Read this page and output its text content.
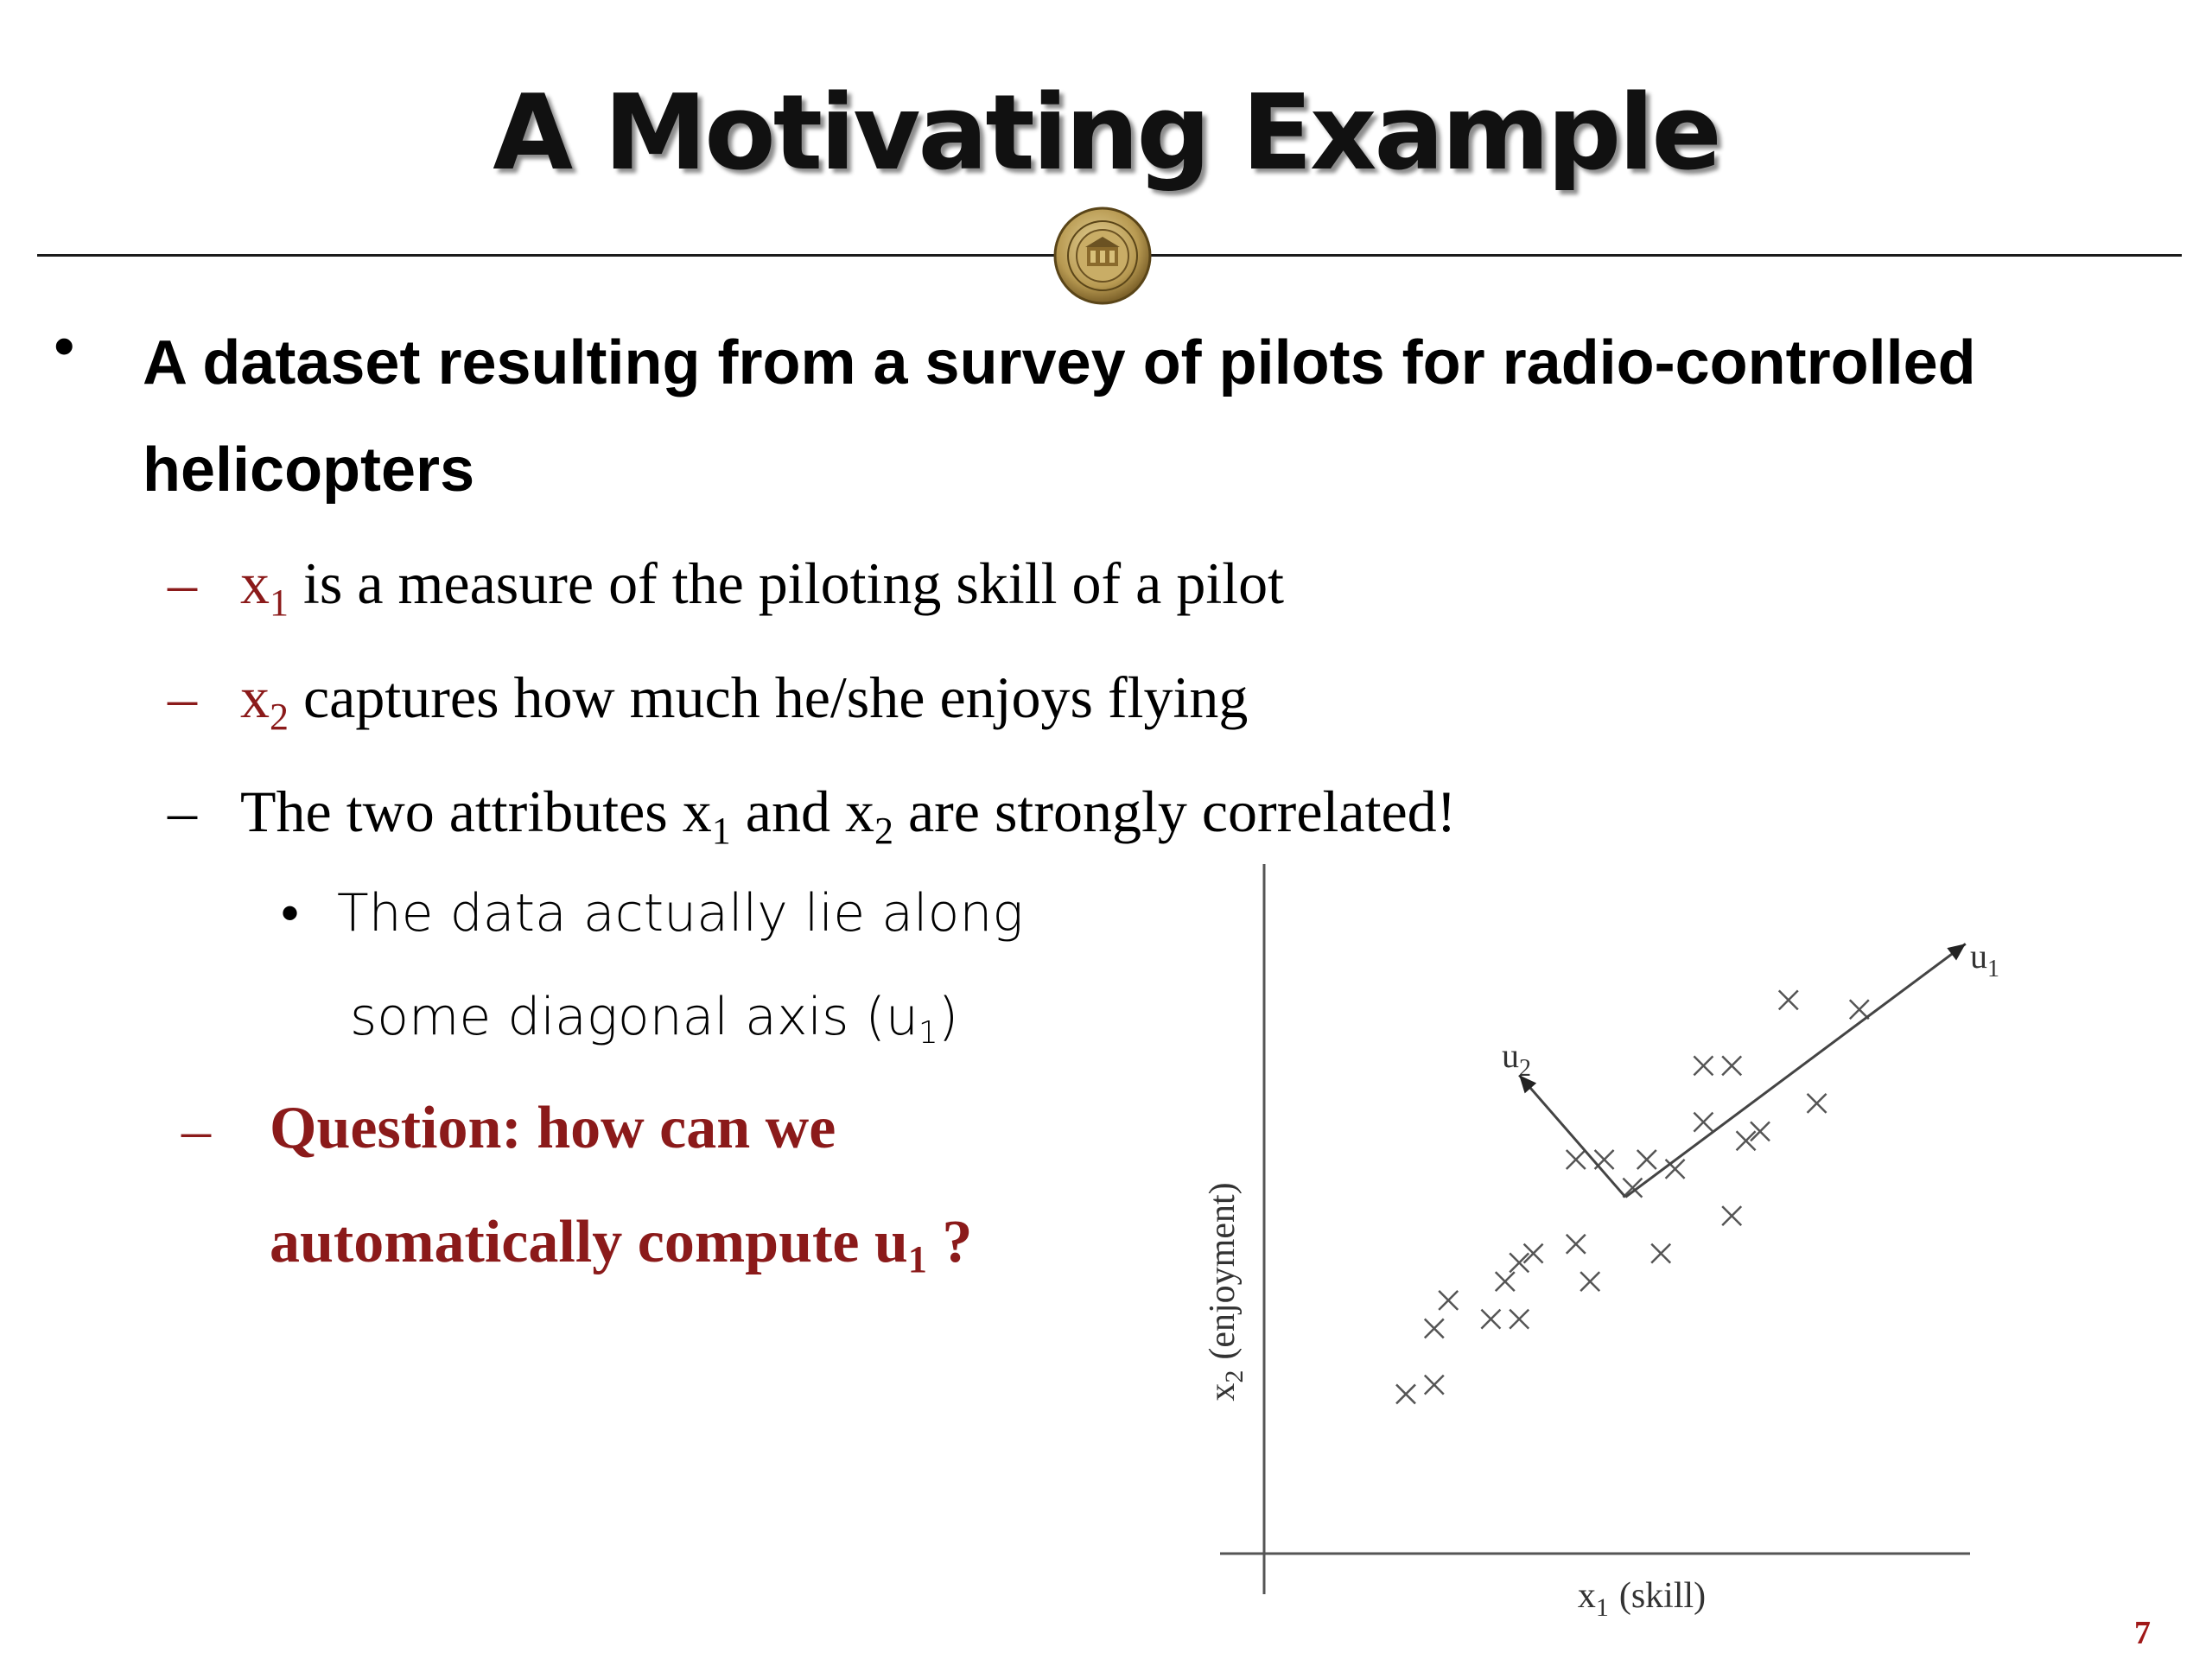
A Motivating Example
• A dataset resulting from a survey of pilots for radio-controlled
helicopters
– $x_1$ is a measure of the piloting skill of a pilot
– $x_2$ captures how much he/she enjoys flying
– The two attributes $x_1$ and $x_2$ are strongly correlated!
• The data actually lie along
some diagonal axis $(u_1)$
– Question: how can we
automatically compute $u_1$ ?
$x_2(enjoyment)$
$x_1$ (skill)
$u_1$
$u_2$
7
